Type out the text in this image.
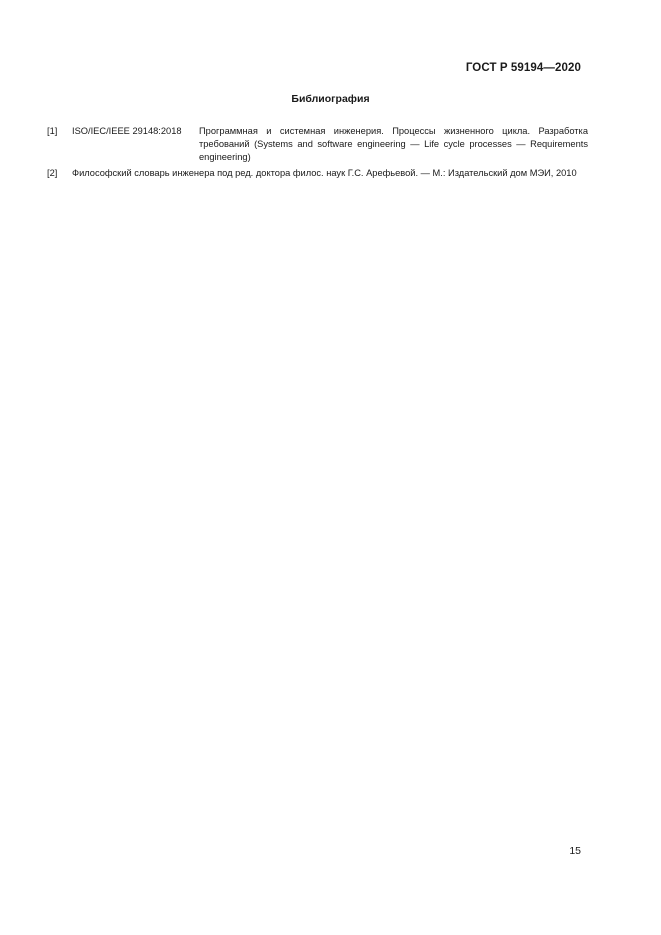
ГОСТ Р 59194—2020
Библиография
[1]	ISO/IEC/IEEE 29148:2018	Программная и системная инженерия. Процессы жизненного цикла. Разработка требований (Systems and software engineering — Life cycle processes — Requirements engineering)
[2]	Философский словарь инженера под ред. доктора филос. наук Г.С. Арефьевой. — М.: Издательский дом МЭИ, 2010
15
